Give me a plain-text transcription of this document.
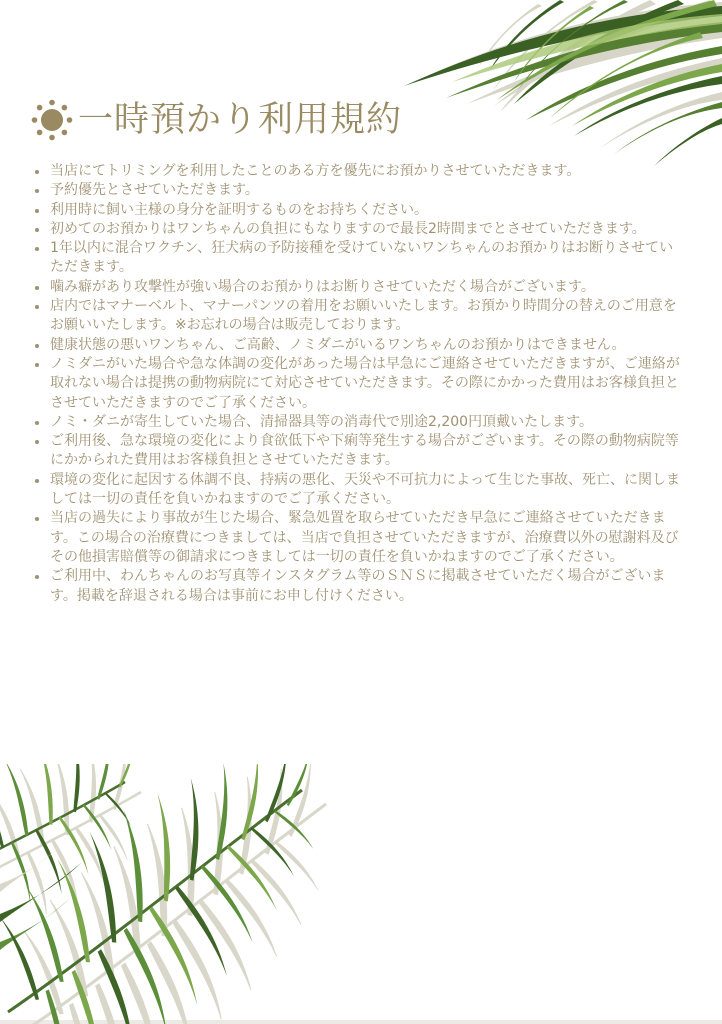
一時預かり利用規約
当店にてトリミングを利用したことのある方を優先にお預かりさせていただきます。
予約優先とさせていただきます。
利用時に飼い主様の身分を証明するものをお持ちください。
初めてのお預かりはワンちゃんの負担にもなりますので最長2時間までとさせていただきます。
1年以内に混合ワクチン、狂犬病の予防接種を受けていないワンちゃんのお預かりはお断りさせていただきます。
噛み癖があり攻撃性が強い場合のお預かりはお断りさせていただく場合がございます。
店内ではマナーベルト、マナーパンツの着用をお願いいたします。お預かり時間分の替えのご用意をお願いいたします。※お忘れの場合は販売しております。
健康状態の悪いワンちゃん、ご高齢、ノミダニがいるワンちゃんのお預かりはできません。
ノミダニがいた場合や急な体調の変化があった場合は早急にご連絡させていただきますが、ご連絡が取れない場合は提携の動物病院にて対応させていただきます。その際にかかった費用はお客様負担とさせていただきますのでご了承ください。
ノミ・ダニが寄生していた場合、清掃器具等の消毒代で別途2,200円頂戴いたします。
ご利用後、急な環境の変化により食欲低下や下痢等発生する場合がございます。その際の動物病院等にかかられた費用はお客様負担とさせていただきます。
環境の変化に起因する体調不良、持病の悪化、天災や不可抗力によって生じた事故、死亡、に関しましては一切の責任を負いかねますのでご了承ください。
当店の過失により事故が生じた場合、緊急処置を取らせていただき早急にご連絡させていただきます。この場合の治療費につきましては、当店で負担させていただきますが、治療費以外の慰謝料及びその他損害賠償等の御請求につきましては一切の責任を負いかねますのでご了承ください。
ご利用中、わんちゃんのお写真等インスタグラム等のＳＮＳに掲載させていただく場合がございます。掲載を辞退される場合は事前にお申し付けください。
